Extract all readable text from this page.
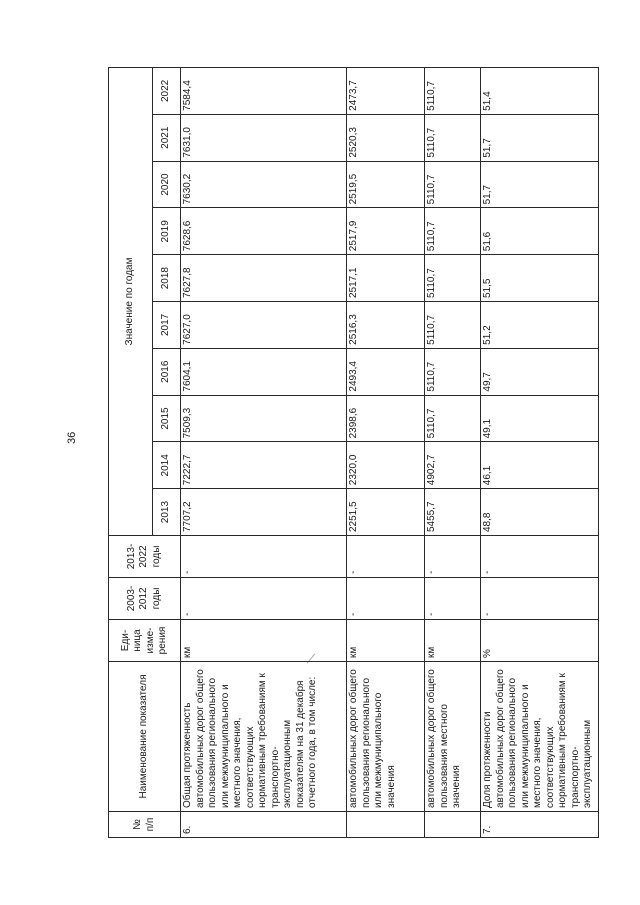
36
№ п/п	Наименование показателя	Еди-ница изме-рения	2003-2012 годы	2013-2022 годы	Значение по годам									
					2013	2014	2015	2016	2017	2018	2019	2020	2021	2022
6.	Общая протяженность автомобильных дорог общего пользования регионального или межмуниципального и местного значения, соответствующих нормативным требованиям к транспортно-эксплуатационным показателям на 31 декабря отчетного года, в том числе:	км	-	-	7707,2	7222,7	7509,3	7604,1	7627,0	7627,8	7628,6	7630,2	7631,0	7584,4
	автомобильных дорог общего пользования регионального или межмуниципального значения	км	-	-	2251,5	2320,0	2398,6	2493,4	2516,3	2517,1	2517,9	2519,5	2520,3	2473,7
	автомобильных дорог общего пользования местного значения	км	-	-	5455,7	4902,7	5110,7	5110,7	5110,7	5110,7	5110,7	5110,7	5110,7	5110,7
7.	Доля протяженности автомобильных дорог общего пользования регионального или межмуниципального и местного значения, соответствующих нормативным требованиям к транспортно-эксплуатационным	%	-	-	48,8	46,1	49,1	49,7	51,2	51,5	51,6	51,7	51,7	51,4
